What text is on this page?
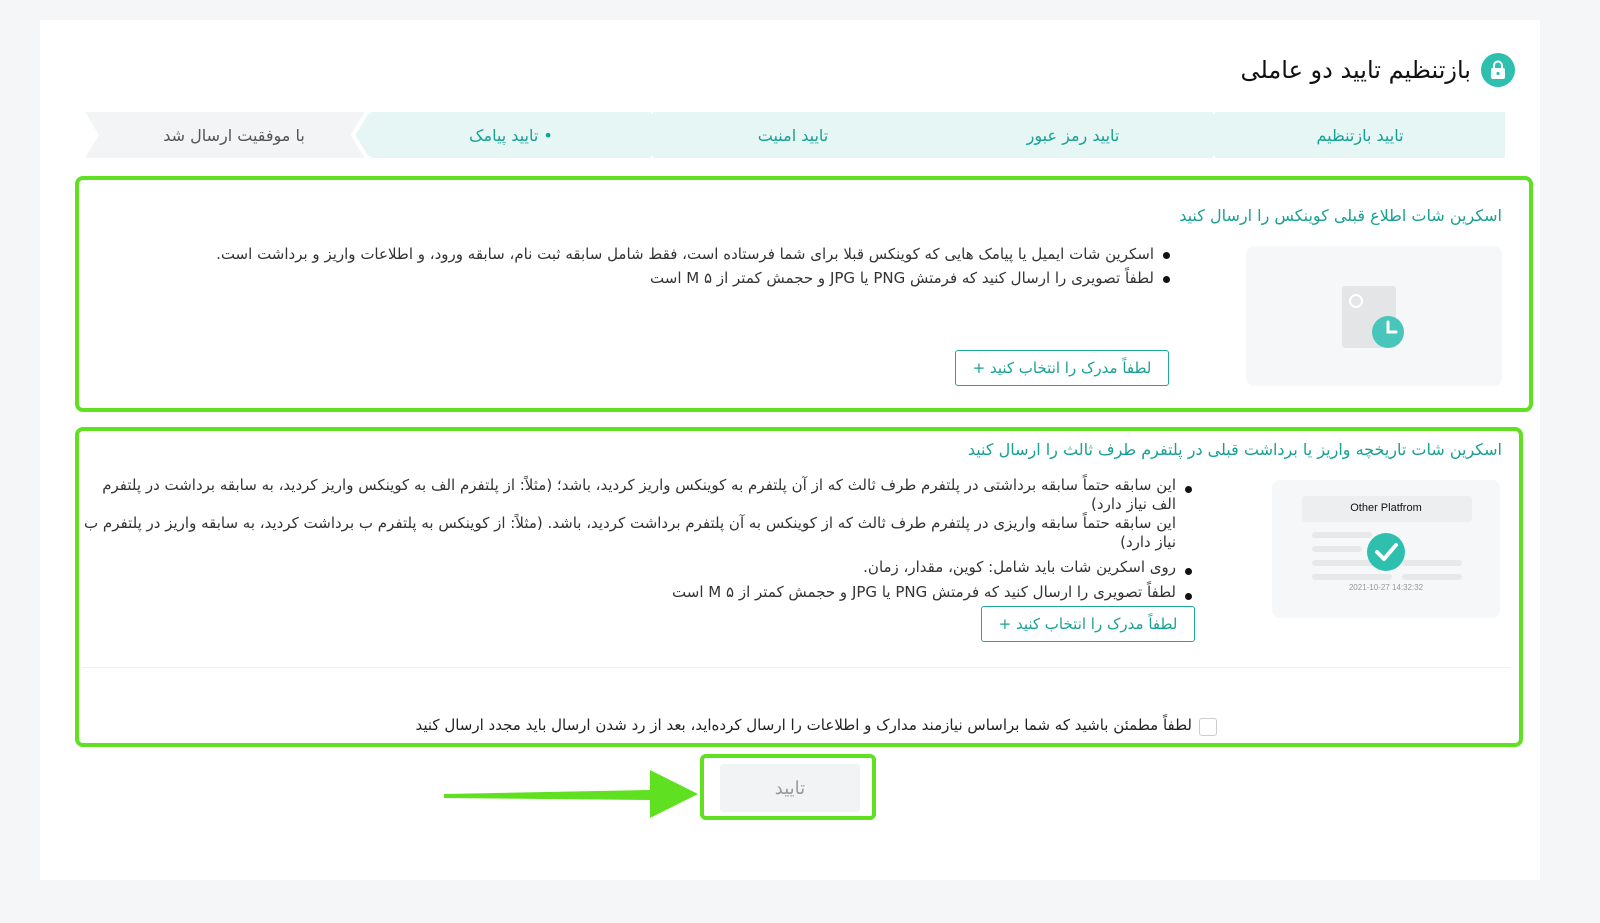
بازتنظیم تایید دو عاملی
تایید بازتنظیم
تایید رمز عبور
تایید امنیت
• تایید پیامک
با موفقیت ارسال شد
اسکرین شات اطلاع قبلی کوینکس را ارسال کنید
اسکرین شات ایمیل یا پیامک هایی که کوینکس قبلا برای شما فرستاده است، فقط شامل سابقه ثبت نام، سابقه ورود، و اطلاعات واریز و برداشت است.
لطفاً تصویری را ارسال کنید که فرمتش PNG یا JPG و حجمش کمتر از ۵ M است
لطفاً مدرک را انتخاب کنید +
اسکرین شات تاریخچه واریز یا برداشت قبلی در پلتفرم طرف ثالث را ارسال کنید
این سابقه حتماً سابقه برداشتی در پلتفرم طرف ثالث که از آن پلتفرم به کوینکس واریز کردید، باشد؛ (مثلاً: از پلتفرم الف به کوینکس واریز کردید، به سابقه برداشت در پلتفرم الف نیاز دارد)
این سابقه حتماً سابقه واریزی در پلتفرم طرف ثالث که از کوینکس به آن پلتفرم برداشت کردید، باشد. (مثلاً: از کوینکس به پلتفرم ب برداشت کردید، به سابقه واریز در پلتفرم ب نیاز دارد)
روی اسکرین شات باید شامل: کوین، مقدار، زمان.
لطفاً تصویری را ارسال کنید که فرمتش PNG یا JPG و حجمش کمتر از ۵ M است
Other Platfrom
2021-10-27 14:32:32
لطفاً مدرک را انتخاب کنید +
لطفاً مطمئن باشید که شما براساس نیازمند مدارک و اطلاعات را ارسال کرده‌اید، بعد از رد شدن ارسال باید مجدد ارسال کنید
تایید
